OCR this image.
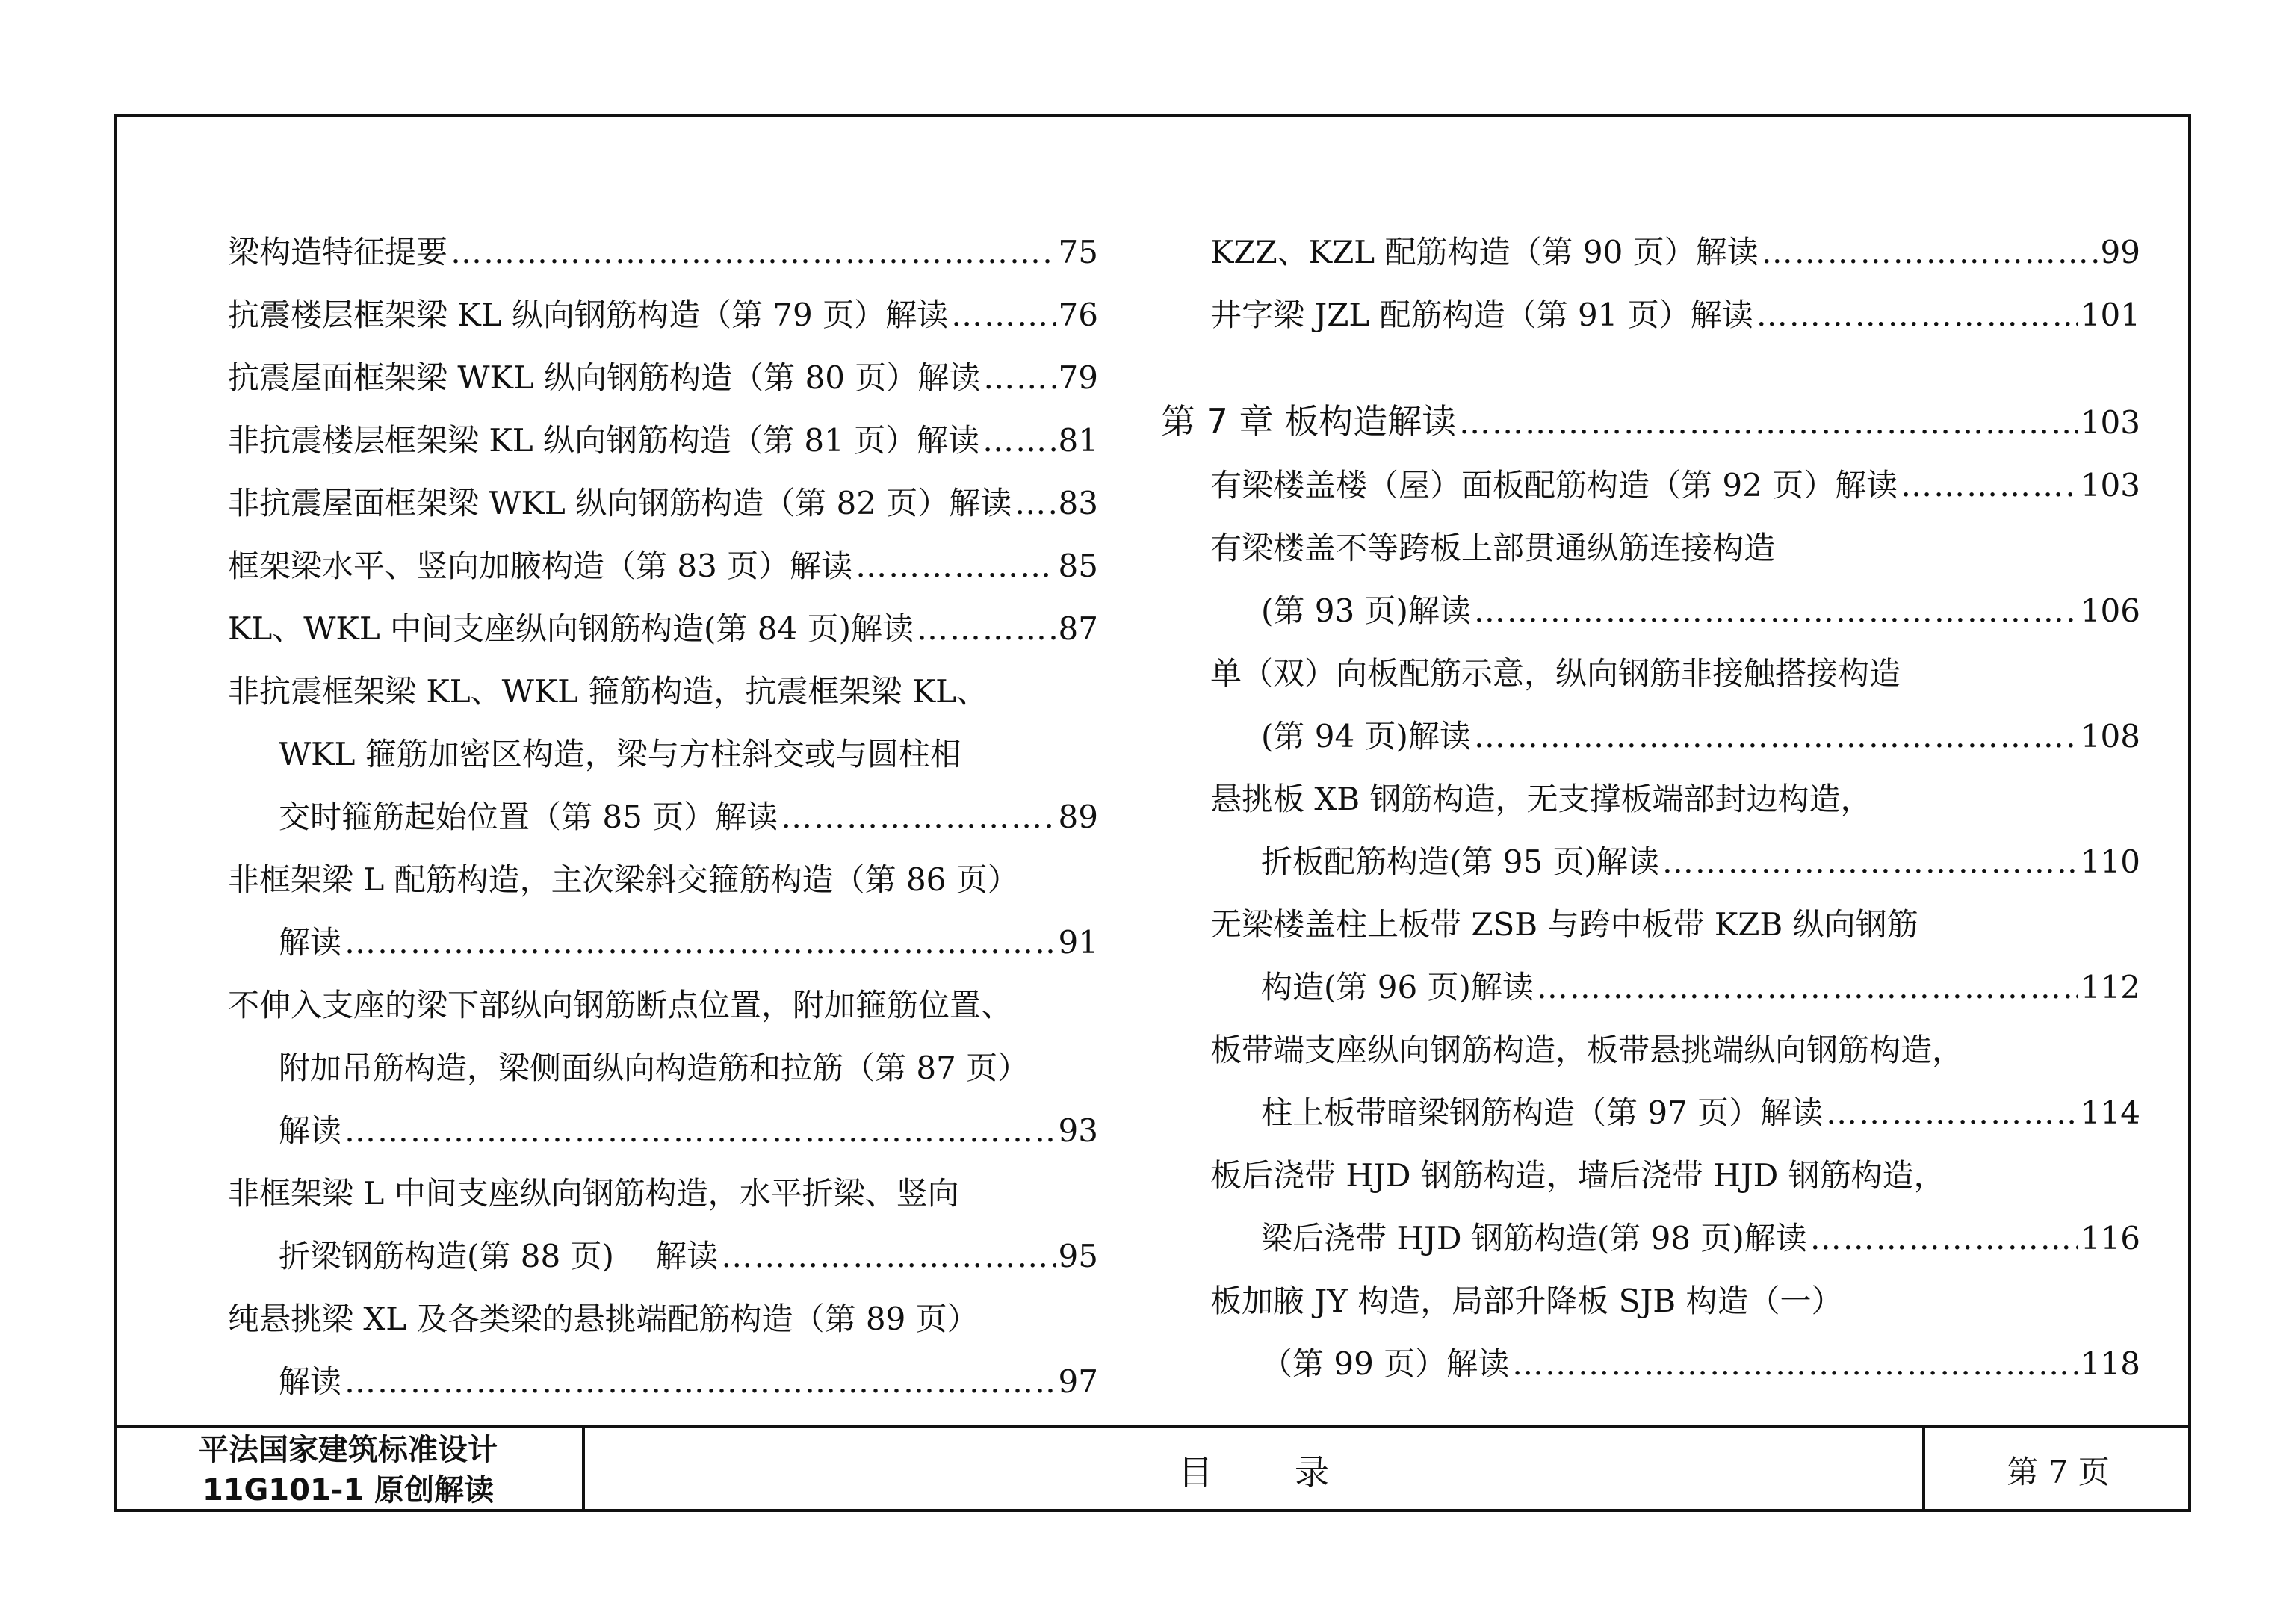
梁构造特征提要 …………………………………………………………………………………………………………………………………………………………………………………………………………	75
抗震楼层框架梁 KL 纵向钢筋构造（第 79 页）解读 …………………………………………………………………………………………………………………………………………………………………………………………………………	76
抗震屋面框架梁 WKL 纵向钢筋构造（第 80 页）解读 ………………………………………………………………………………………………………………………………………………………………………………………………………… 79
非抗震楼层框架梁 KL 纵向钢筋构造（第 81 页）解读 …………………………………………………………………………………………………………………………………………………………………………………………………………	81
非抗震屋面框架梁 WKL 纵向钢筋构造（第 82 页）解读 ………………………………………………………………………………………………………………………………………………………………………………………………………… 83
框架梁水平、竖向加腋构造（第 83 页）解读 …………………………………………………………………………………………………………………………………………………………………………………………………………	85
KL、WKL 中间支座纵向钢筋构造(第 84 页)解读 …………………………………………………………………………………………………………………………………………………………………………………………………………	87
非抗震框架梁 KL、WKL 箍筋构造，抗震框架梁 KL、
WKL 箍筋加密区构造，梁与方柱斜交或与圆柱相
交时箍筋起始位置（第 85 页）解读 …………………………………………………………………………………………………………………………………………………………………………………………………………	89
非框架梁 L 配筋构造，主次梁斜交箍筋构造（第 86 页）
解读 …………………………………………………………………………………………………………………………………………………………………………………………………………	91
不伸入支座的梁下部纵向钢筋断点位置，附加箍筋位置、
附加吊筋构造，梁侧面纵向构造筋和拉筋（第 87 页）
解读 …………………………………………………………………………………………………………………………………………………………………………………………………………	93
非框架梁 L 中间支座纵向钢筋构造，水平折梁、竖向
折梁钢筋构造(第 88 页)　 解读 …………………………………………………………………………………………………………………………………………………………………………………………………………	95
纯悬挑梁 XL 及各类梁的悬挑端配筋构造（第 89 页）
解读 …………………………………………………………………………………………………………………………………………………………………………………………………………	97
KZZ、KZL 配筋构造（第 90 页）解读 …………………………………………………………………………………………………………………………………………………………………………………………………………	99
井字梁 JZL 配筋构造（第 91 页）解读 …………………………………………………………………………………………………………………………………………………………………………………………………………	101
第 7 章 板构造解读 …………………………………………………………………………………………………………………………………………………………………………………………………………	103
有梁楼盖楼（屋）面板配筋构造（第 92 页）解读 …………………………………………………………………………………………………………………………………………………………………………………………………………	103
有梁楼盖不等跨板上部贯通纵筋连接构造
(第 93 页)解读 …………………………………………………………………………………………………………………………………………………………………………………………………………	106
单（双）向板配筋示意，纵向钢筋非接触搭接构造
(第 94 页)解读 …………………………………………………………………………………………………………………………………………………………………………………………………………	108
悬挑板 XB 钢筋构造，无支撑板端部封边构造，
折板配筋构造(第 95 页)解读 …………………………………………………………………………………………………………………………………………………………………………………………………………	110
无梁楼盖柱上板带 ZSB 与跨中板带 KZB 纵向钢筋
构造(第 96 页)解读 …………………………………………………………………………………………………………………………………………………………………………………………………………	112
板带端支座纵向钢筋构造，板带悬挑端纵向钢筋构造，
柱上板带暗梁钢筋构造（第 97 页）解读 …………………………………………………………………………………………………………………………………………………………………………………………………………	114
板后浇带 HJD 钢筋构造，墙后浇带 HJD 钢筋构造，
梁后浇带 HJD 钢筋构造(第 98 页)解读 …………………………………………………………………………………………………………………………………………………………………………………………………………	116
板加腋 JY 构造，局部升降板 SJB 构造（一）
（第 99 页）解读 …………………………………………………………………………………………………………………………………………………………………………………………………………	118
平法国家建筑标准设计
11G101-1 原创解读	目录	第 7 页
